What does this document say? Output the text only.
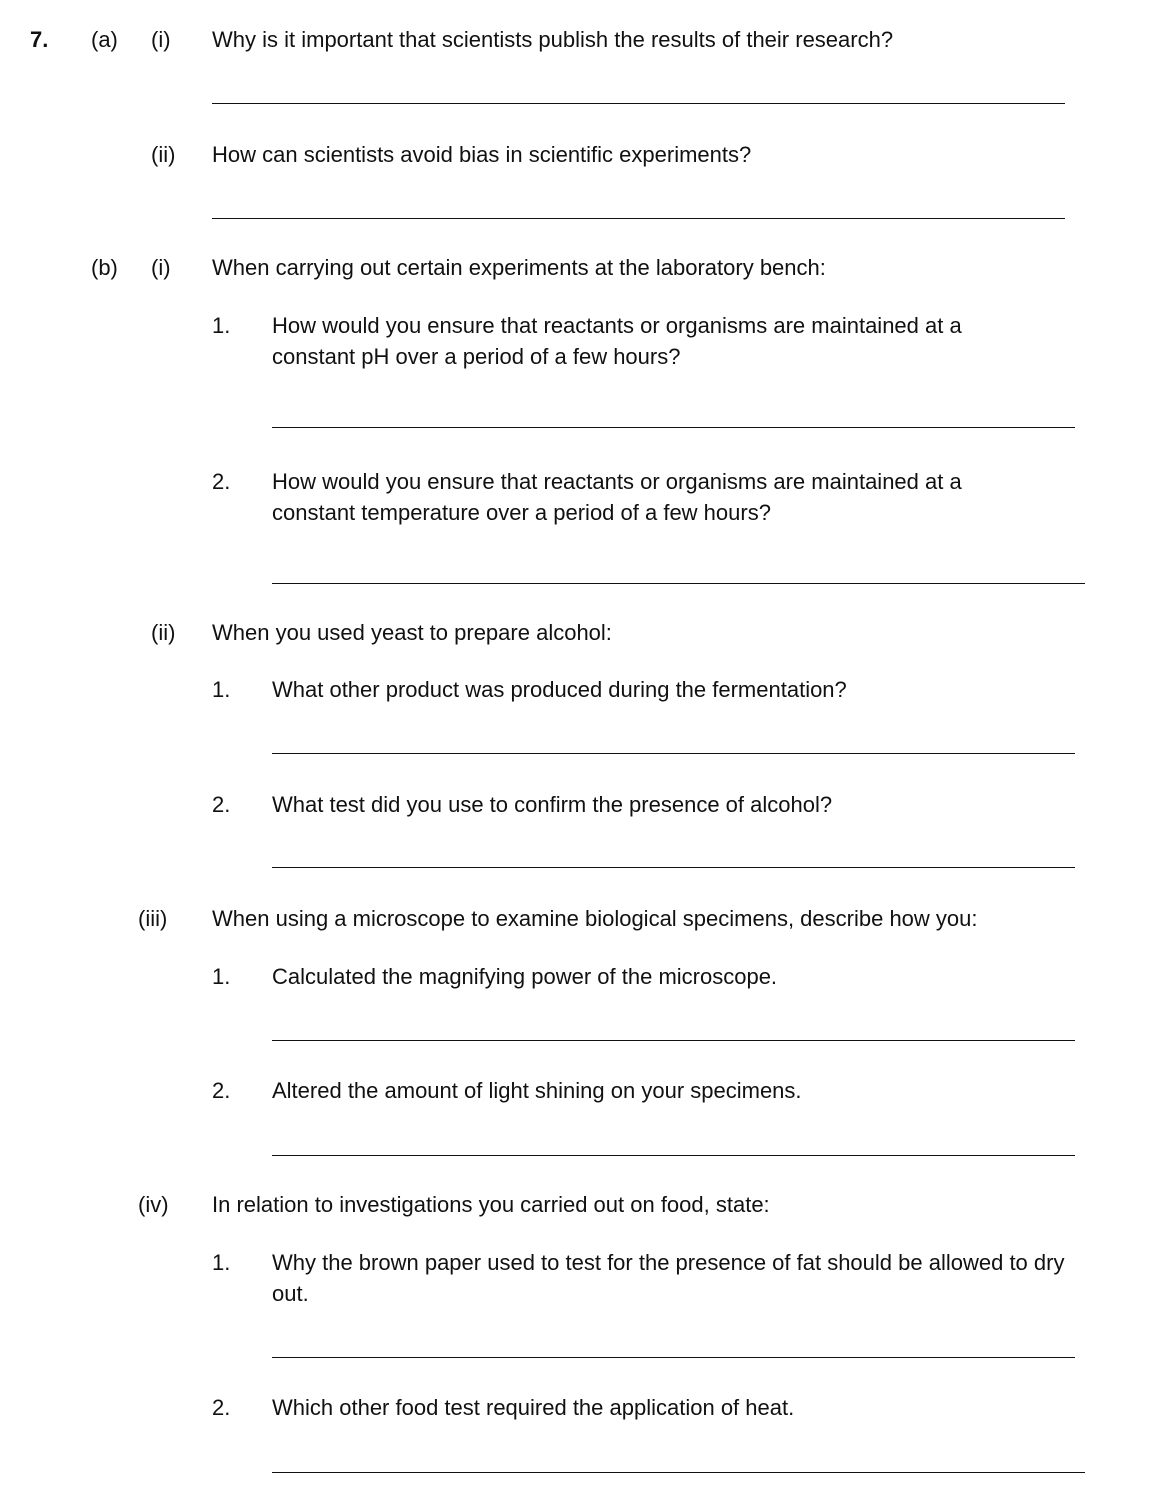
7. (a) (i) Why is it important that scientists publish the results of their research?
(ii) How can scientists avoid bias in scientific experiments?
(b) (i) When carrying out certain experiments at the laboratory bench:
1. How would you ensure that reactants or organisms are maintained at a constant pH over a period of a few hours?
2. How would you ensure that reactants or organisms are maintained at a constant temperature over a period of a few hours?
(ii) When you used yeast to prepare alcohol:
1. What other product was produced during the fermentation?
2. What test did you use to confirm the presence of alcohol?
(iii) When using a microscope to examine biological specimens, describe how you:
1. Calculated the magnifying power of the microscope.
2. Altered the amount of light shining on your specimens.
(iv) In relation to investigations you carried out on food, state:
1. Why the brown paper used to test for the presence of fat should be allowed to dry out.
2. Which other food test required the application of heat.
